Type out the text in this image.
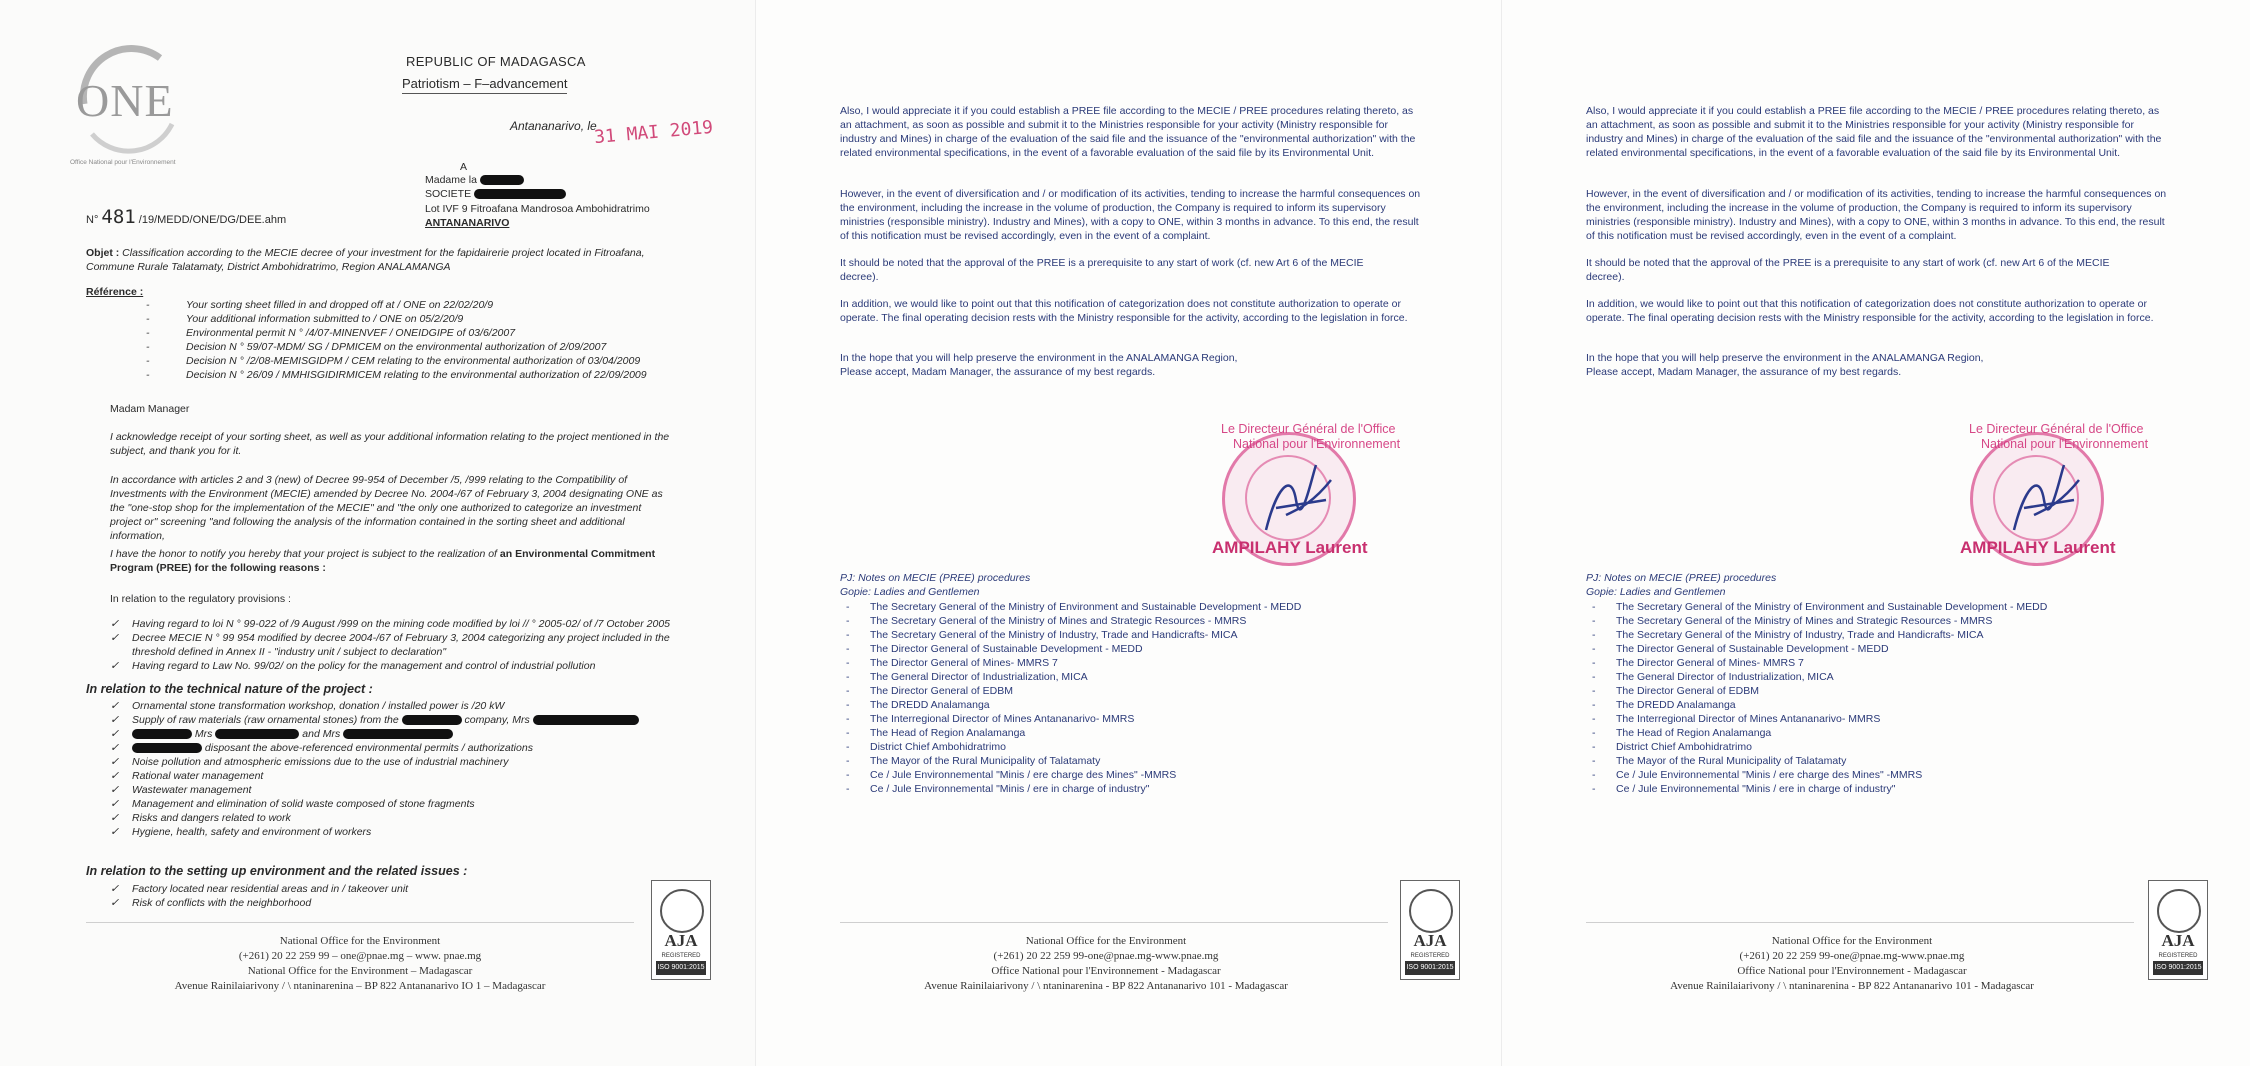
ONE
Office National pour l'Environnement
REPUBLIC OF MADAGASCA
Patriotism – F–advancement
Antananarivo, le
31 MAI 2019
A
Madame la
SOCIETE
Lot IVF 9 Fitroafana Mandrosoa Ambohidratrimo
ANTANANARIVO
N° 481 /19/MEDD/ONE/DG/DEE.ahm
Objet : Classification according to the MECIE decree of your investment for the fapidairerie project located in Fitroafana, Commune Rurale Talatamaty, District Ambohidratrimo, Region ANALAMANGA
Référence :
- Your sorting sheet filled in and dropped off at / ONE on 22/02/20/9
- Your additional information submitted to / ONE on 05/2/20/9
- Environmental permit N ° /4/07-MINENVEF / ONEIDGIPE of 03/6/2007
- Decision N ° 59/07-MDM/ SG / DPMICEM on the environmental authorization of 2/09/2007
- Decision N ° /2/08-MEMISGIDPM / CEM relating to the environmental authorization of 03/04/2009
- Decision N ° 26/09 / MMHISGIDIRMICEM relating to the environmental authorization of 22/09/2009
Madam Manager
I acknowledge receipt of your sorting sheet, as well as your additional information relating to the project mentioned in the subject, and thank you for it.
In accordance with articles 2 and 3 (new) of Decree 99-954 of December /5, /999 relating to the Compatibility of Investments with the Environment (MECIE) amended by Decree No. 2004-/67 of February 3, 2004 designating ONE as the "one-stop shop for the implementation of the MECIE" and "the only one authorized to categorize an investment project or" screening "and following the analysis of the information contained in the sorting sheet and additional information,
I have the honor to notify you hereby that your project is subject to the realization of an Environmental Commitment Program (PREE) for the following reasons :
In relation to the regulatory provisions :
✓ Having regard to loi N ° 99-022 of /9 August /999 on the mining code modified by loi // ° 2005-02/ of /7 October 2005
✓ Decree MECIE N ° 99 954 modified by decree 2004-/67 of February 3, 2004 categorizing any project included in the threshold defined in Annex II - "industry unit / subject to declaration"
✓ Having regard to Law No. 99/02/ on the policy for the management and control of industrial pollution
In relation to the technical nature of the project :
✓ Ornamental stone transformation workshop, donation / installed power is /20 kW
✓ Supply of raw materials (raw ornamental stones) from the	company, Mrs
✓ Mrs	and Mrs
✓ disposant the above-referenced environmental permits / authorizations
✓ Noise pollution and atmospheric emissions due to the use of industrial machinery
✓ Rational water management
✓ Wastewater management
✓ Management and elimination of solid waste composed of stone fragments
✓ Risks and dangers related to work
✓ Hygiene, health, safety and environment of workers
In relation to the setting up environment and the related issues :
✓ Factory located near residential areas and in / takeover unit
✓ Risk of conflicts with the neighborhood
AJA
REGISTERED
ISO 9001:2015
National Office for the Environment
(+261) 20 22 259 99 – one@pnae.mg – www. pnae.mg
National Office for the Environment – Madagascar
Avenue Rainilaiarivony / \ ntaninarenina – BP 822 Antananarivo IO 1 – Madagascar
Also, I would appreciate it if you could establish a PREE file according to the MECIE / PREE procedures relating thereto, as an attachment, as soon as possible and submit it to the Ministries responsible for your activity (Ministry responsible for industry and Mines) in charge of the evaluation of the said file and the issuance of the "environmental authorization" with the related environmental specifications, in the event of a favorable evaluation of the said file by its Environmental Unit.
However, in the event of diversification and / or modification of its activities, tending to increase the harmful consequences on the environment, including the increase in the volume of production, the Company is required to inform its supervisory ministries (responsible ministry). Industry and Mines), with a copy to ONE, within 3 months in advance. To this end, the result of this notification must be revised accordingly, even in the event of a complaint.
It should be noted that the approval of the PREE is a prerequisite to any start of work (cf. new Art 6 of the MECIE decree).
In addition, we would like to point out that this notification of categorization does not constitute authorization to operate or operate. The final operating decision rests with the Ministry responsible for the activity, according to the legislation in force.
In the hope that you will help preserve the environment in the ANALAMANGA Region, Please accept, Madam Manager, the assurance of my best regards.
Le Directeur Général de l'Office
National pour l'Environnement
AMPILAHY Laurent
PJ: Notes on MECIE (PREE) procedures
Gopie: Ladies and Gentlemen
- The Secretary General of the Ministry of Environment and Sustainable Development - MEDD
- The Secretary General of the Ministry of Mines and Strategic Resources - MMRS
- The Secretary General of the Ministry of Industry, Trade and Handicrafts- MICA
- The Director General of Sustainable Development - MEDD
- The Director General of Mines- MMRS 7
- The General Director of Industrialization, MICA
- The Director General of EDBM
- The DREDD Analamanga
- The Interregional Director of Mines Antananarivo- MMRS
- The Head of Region Analamanga
- District Chief Ambohidratrimo
- The Mayor of the Rural Municipality of Talatamaty
- Ce / Jule Environnemental "Minis / ere charge des Mines" -MMRS
- Ce / Jule Environnemental "Minis / ere in charge of industry"
AJA
REGISTERED
ISO 9001:2015
National Office for the Environment
(+261) 20 22 259 99-one@pnae.mg-www.pnae.mg
Office National pour l'Environnement - Madagascar
Avenue Rainilaiarivony / \ ntaninarenina - BP 822 Antananarivo 101 - Madagascar
Also, I would appreciate it if you could establish a PREE file according to the MECIE / PREE procedures relating thereto, as an attachment, as soon as possible and submit it to the Ministries responsible for your activity (Ministry responsible for industry and Mines) in charge of the evaluation of the said file and the issuance of the "environmental authorization" with the related environmental specifications, in the event of a favorable evaluation of the said file by its Environmental Unit.
However, in the event of diversification and / or modification of its activities, tending to increase the harmful consequences on the environment, including the increase in the volume of production, the Company is required to inform its supervisory ministries (responsible ministry). Industry and Mines), with a copy to ONE, within 3 months in advance. To this end, the result of this notification must be revised accordingly, even in the event of a complaint.
It should be noted that the approval of the PREE is a prerequisite to any start of work (cf. new Art 6 of the MECIE decree).
In addition, we would like to point out that this notification of categorization does not constitute authorization to operate or operate. The final operating decision rests with the Ministry responsible for the activity, according to the legislation in force.
In the hope that you will help preserve the environment in the ANALAMANGA Region, Please accept, Madam Manager, the assurance of my best regards.
Le Directeur Général de l'Office
National pour l'Environnement
AMPILAHY Laurent
PJ: Notes on MECIE (PREE) procedures
Gopie: Ladies and Gentlemen
- The Secretary General of the Ministry of Environment and Sustainable Development - MEDD
- The Secretary General of the Ministry of Mines and Strategic Resources - MMRS
- The Secretary General of the Ministry of Industry, Trade and Handicrafts- MICA
- The Director General of Sustainable Development - MEDD
- The Director General of Mines- MMRS 7
- The General Director of Industrialization, MICA
- The Director General of EDBM
- The DREDD Analamanga
- The Interregional Director of Mines Antananarivo- MMRS
- The Head of Region Analamanga
- District Chief Ambohidratrimo
- The Mayor of the Rural Municipality of Talatamaty
- Ce / Jule Environnemental "Minis / ere charge des Mines" -MMRS
- Ce / Jule Environnemental "Minis / ere in charge of industry"
AJA
REGISTERED
ISO 9001:2015
National Office for the Environment
(+261) 20 22 259 99-one@pnae.mg-www.pnae.mg
Office National pour l'Environnement - Madagascar
Avenue Rainilaiarivony / \ ntaninarenina - BP 822 Antananarivo 101 - Madagascar
